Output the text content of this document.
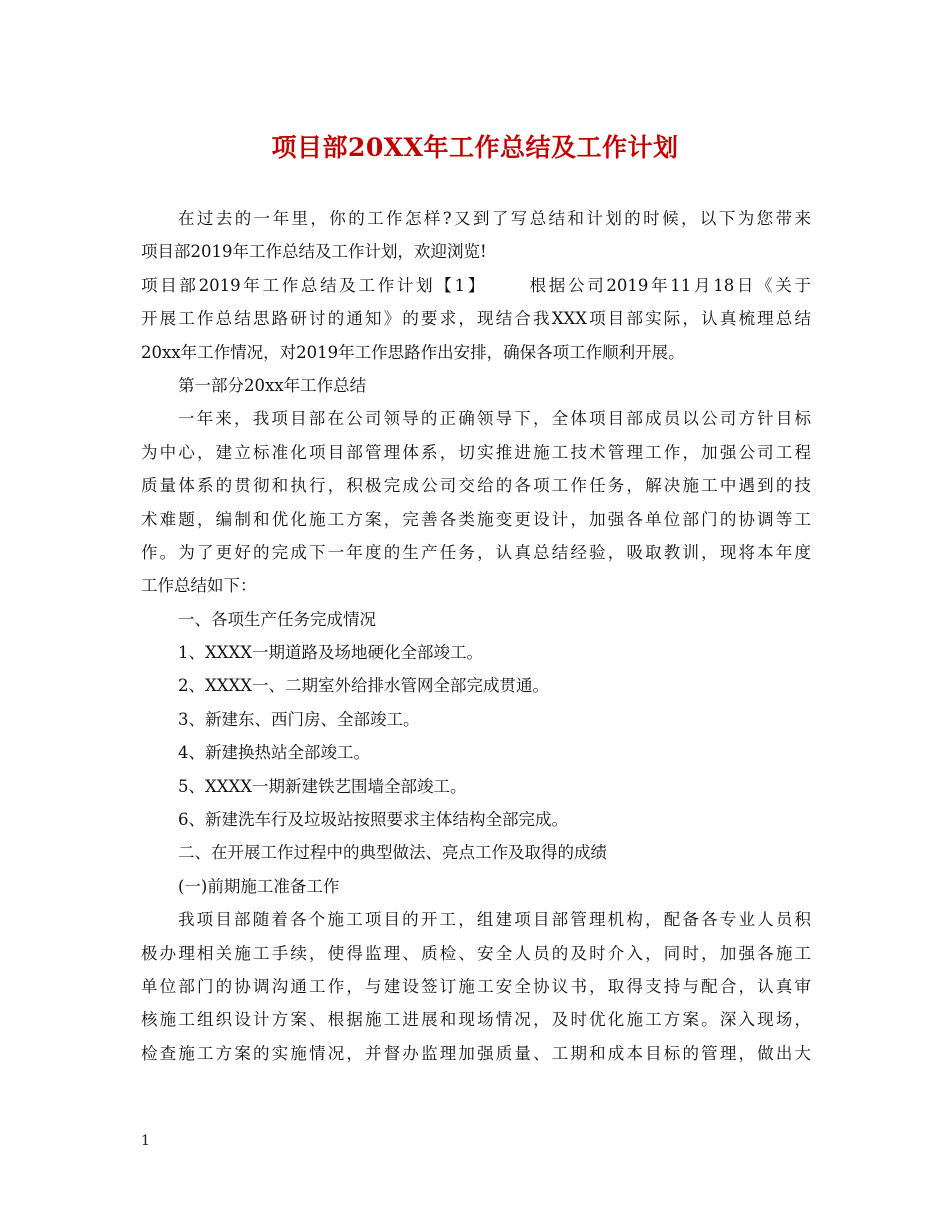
项目部20XX年工作总结及工作计划
在过去的一年里，你的工作怎样?又到了写总结和计划的时候，以下为您带来
项目部2019年工作总结及工作计划，欢迎浏览!
项目部2019年工作总结及工作计划【1】 根据公司2019年11月18日《关于
开展工作总结思路研讨的通知》的要求，现结合我XXX项目部实际，认真梳理总结
20xx年工作情况，对2019年工作思路作出安排，确保各项工作顺利开展。
第一部分20xx年工作总结
一年来，我项目部在公司领导的正确领导下，全体项目部成员以公司方针目标
为中心，建立标准化项目部管理体系，切实推进施工技术管理工作，加强公司工程
质量体系的贯彻和执行，积极完成公司交给的各项工作任务，解决施工中遇到的技
术难题，编制和优化施工方案，完善各类施变更设计，加强各单位部门的协调等工
作。为了更好的完成下一年度的生产任务，认真总结经验，吸取教训，现将本年度
工作总结如下：
一、各项生产任务完成情况
1、XXXX一期道路及场地硬化全部竣工。
2、XXXX一、二期室外给排水管网全部完成贯通。
3、新建东、西门房、全部竣工。
4、新建换热站全部竣工。
5、XXXX一期新建铁艺围墙全部竣工。
6、新建洗车行及垃圾站按照要求主体结构全部完成。
二、在开展工作过程中的典型做法、亮点工作及取得的成绩
(一)前期施工准备工作
我项目部随着各个施工项目的开工，组建项目部管理机构，配备各专业人员积
极办理相关施工手续，使得监理、质检、安全人员的及时介入，同时，加强各施工
单位部门的协调沟通工作，与建设签订施工安全协议书，取得支持与配合，认真审
核施工组织设计方案、根据施工进展和现场情况，及时优化施工方案。深入现场，
检查施工方案的实施情况，并督办监理加强质量、工期和成本目标的管理，做出大
1
